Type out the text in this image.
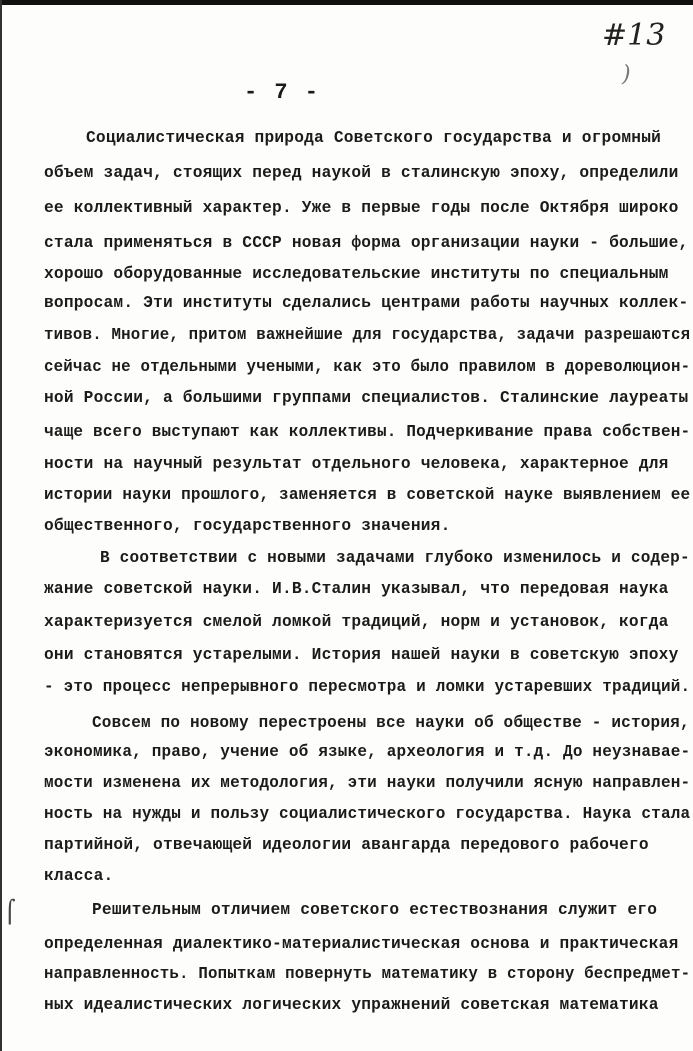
#13
)
- 7 -
⌠
Социалистическая природа Советского государства и огромный
объем задач, стоящих перед наукой в сталинскую эпоху, определили
ее коллективный характер. Уже в первые годы после Октября широко
стала применяться в СССР новая форма организации науки - большие,
хорошо оборудованные исследовательские институты по специальным
вопросам. Эти институты сделались центрами работы научных коллек-
тивов. Многие, притом важнейшие для государства, задачи разрешаются
сейчас не отдельными учеными, как это было правилом в дореволюцион-
ной России, а большими группами специалистов. Сталинские лауреаты
чаще всего выступают как коллективы. Подчеркивание права собствен-
ности на научный результат отдельного человека, характерное для
истории науки прошлого, заменяется в советской науке выявлением ее
общественного, государственного значения.
В соответствии с новыми задачами глубоко изменилось и содер-
жание советской науки. И.В.Сталин указывал, что передовая наука
характеризуется смелой ломкой традиций, норм и установок, когда
они становятся устарелыми. История нашей науки в советскую эпоху
- это процесс непрерывного пересмотра и ломки устаревших традиций.
Совсем по новому перестроены все науки об обществе - история,
экономика, право, учение об языке, археология и т.д. До неузнавае-
мости изменена их методология, эти науки получили ясную направлен-
ность на нужды и пользу социалистического государства. Наука стала
партийной, отвечающей идеологии авангарда передового рабочего
класса.
Решительным отличием советского естествознания служит его
определенная диалектико-материалистическая основа и практическая
направленность. Попыткам повернуть математику в сторону беспредмет-
ных идеалистических логических упражнений советская математика
